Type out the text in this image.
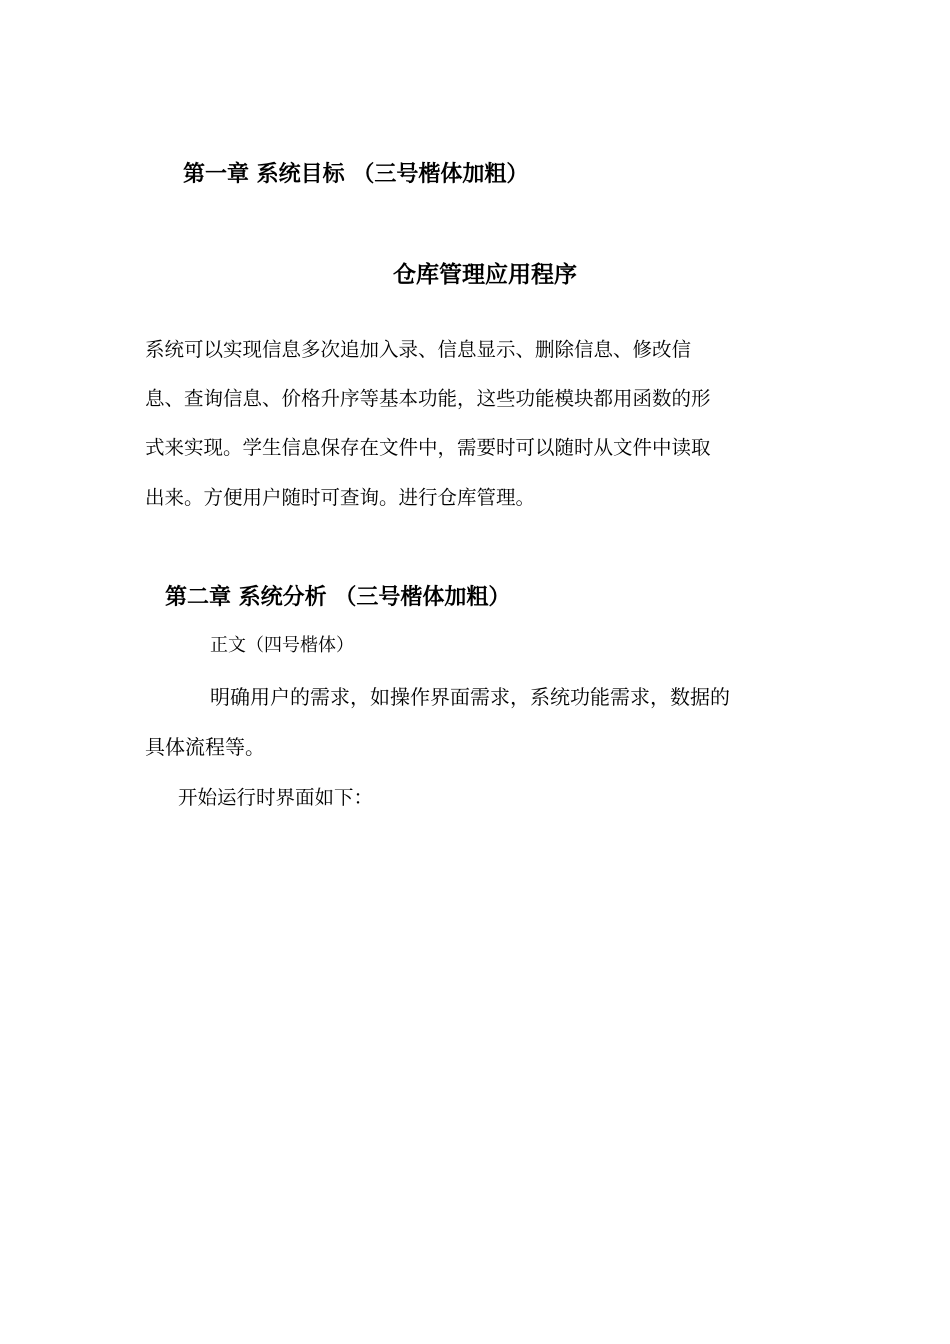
第一章 系统目标 （三号楷体加粗）
仓库管理应用程序
系统可以实现信息多次追加入录、信息显示、删除信息、修改信
息、查询信息、价格升序等基本功能，这些功能模块都用函数的形
式来实现。学生信息保存在文件中，需要时可以随时从文件中读取
出来。方便用户随时可查询。进行仓库管理。
第二章 系统分析 （三号楷体加粗）
正文（四号楷体）
明确用户的需求，如操作界面需求，系统功能需求，数据的
具体流程等。
开始运行时界面如下：
